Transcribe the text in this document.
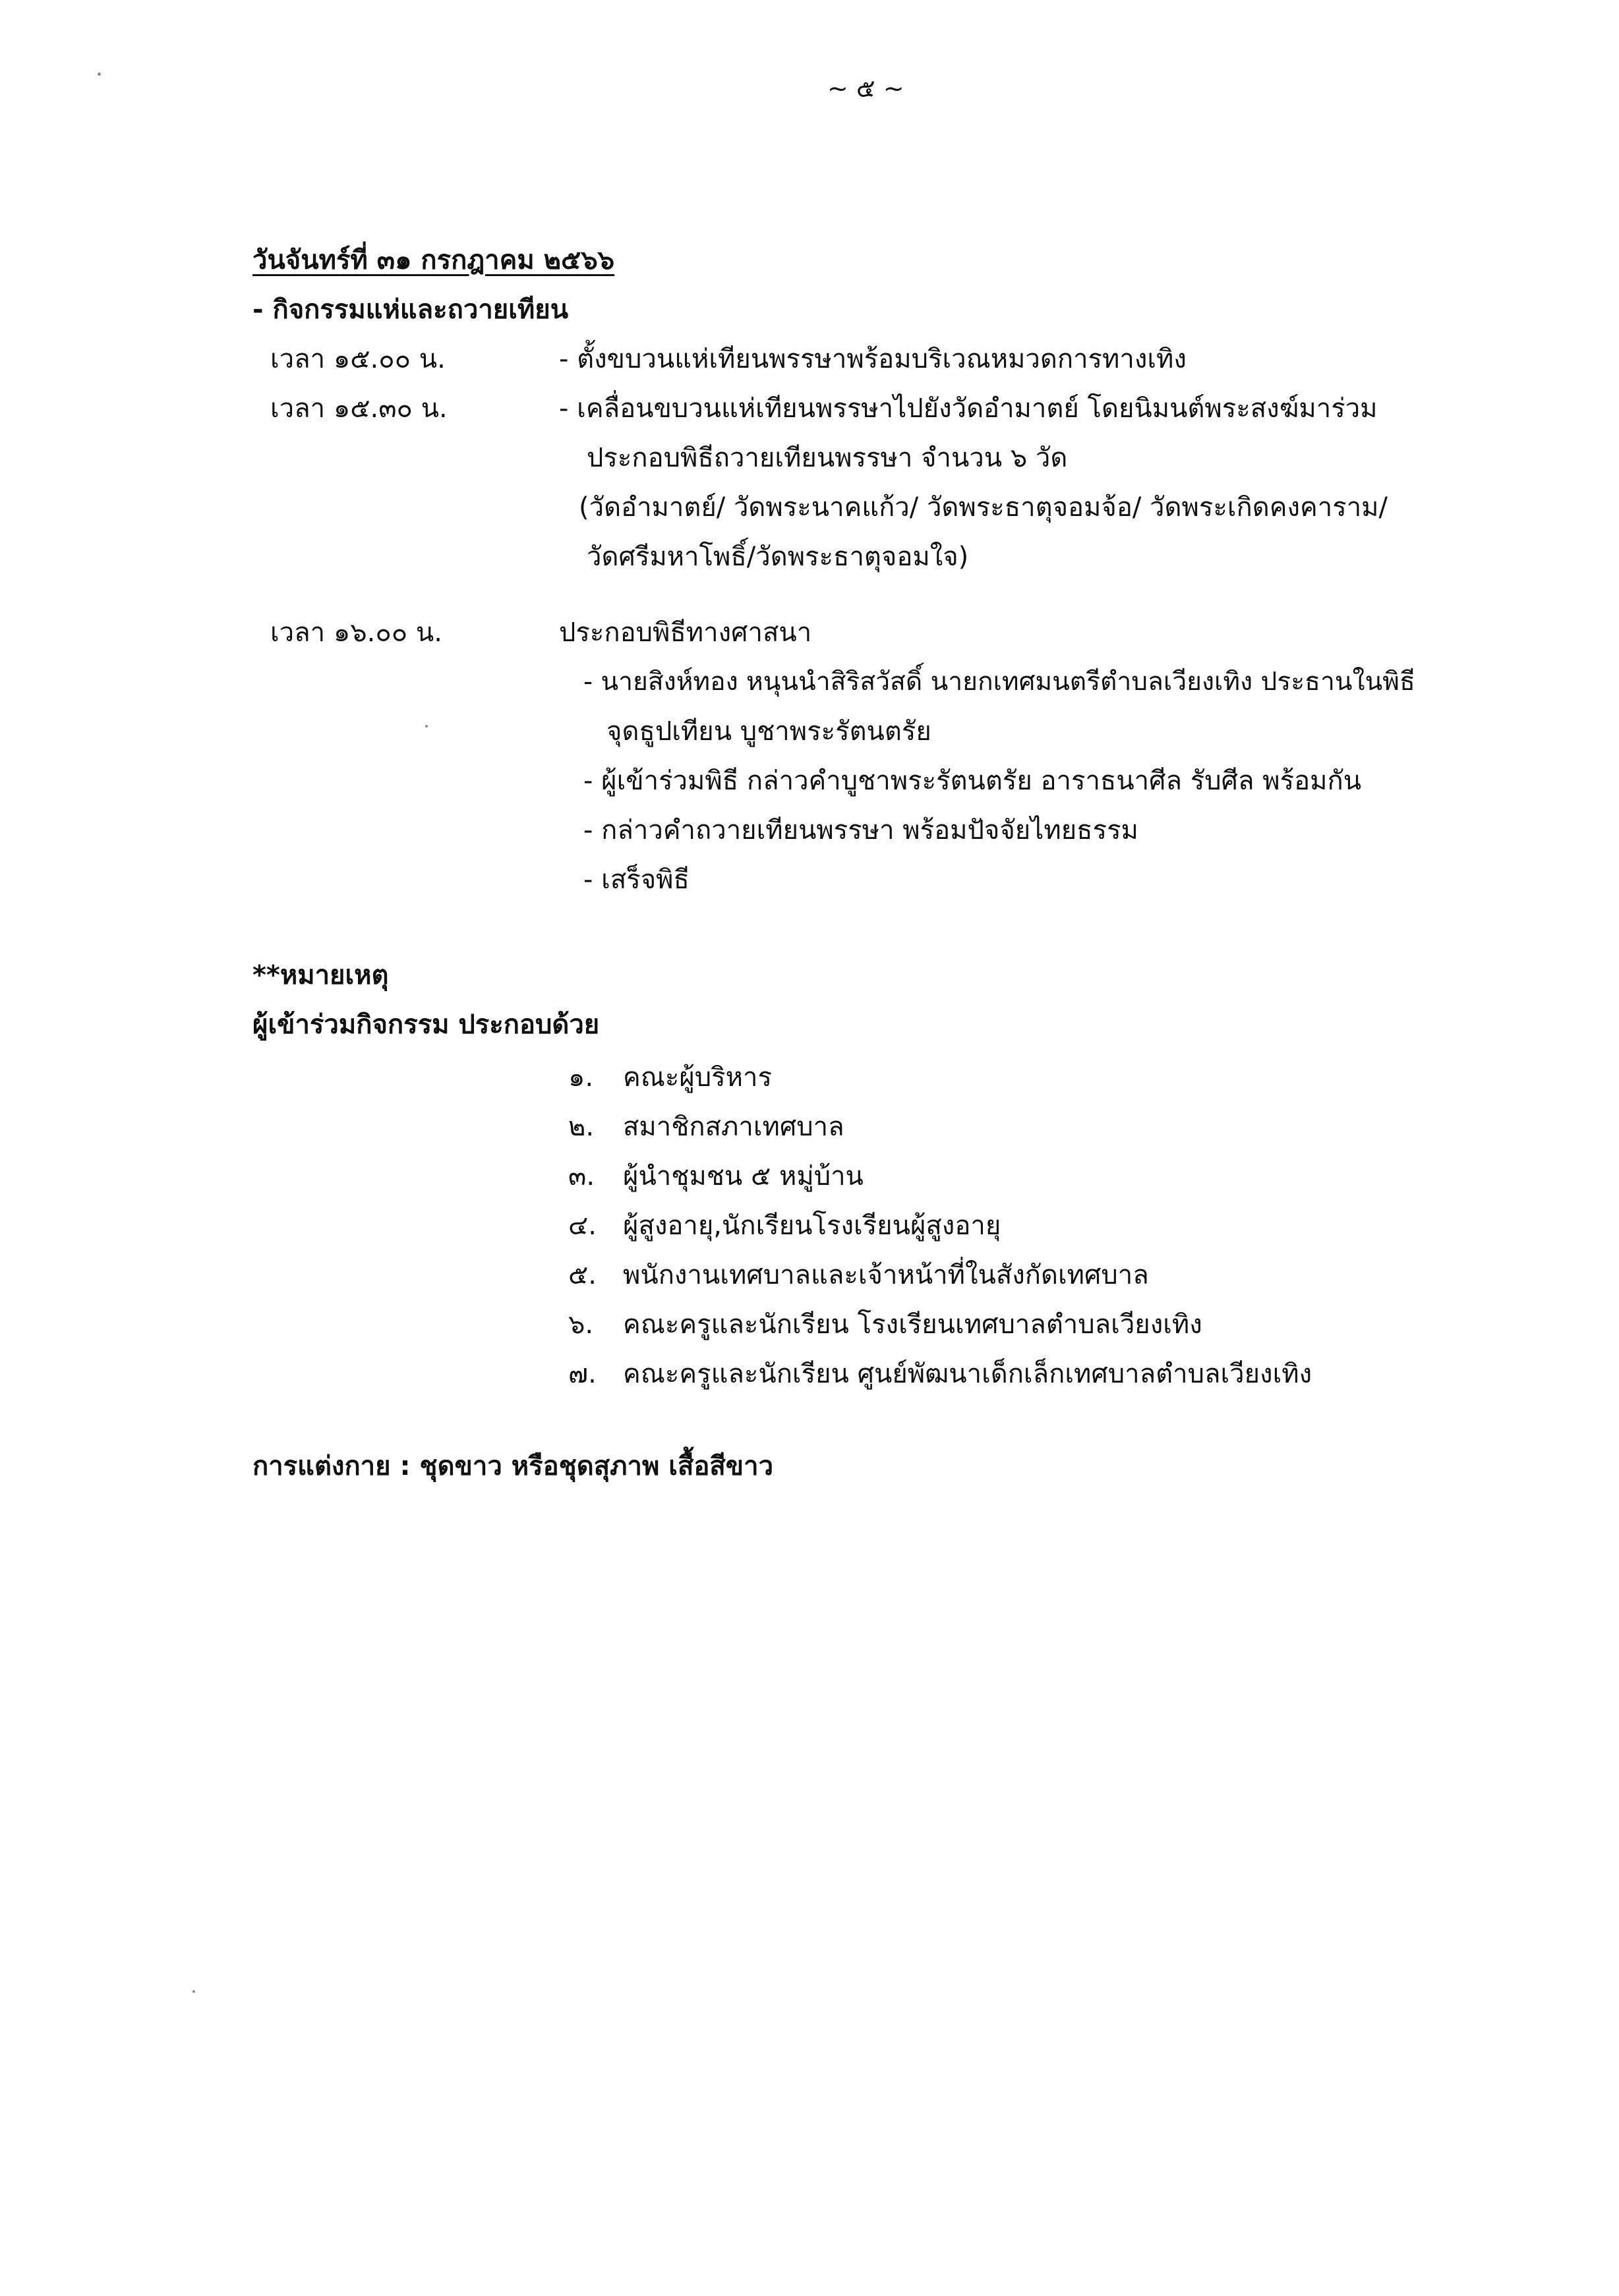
~ ๕ ~
วันจันทร์ที่ ๓๑ กรกฎาคม ๒๕๖๖
- กิจกรรมแห่และถวายเทียน
เวลา ๑๕.๐๐ น.	- ตั้งขบวนแห่เทียนพรรษาพร้อมบริเวณหมวดการทางเทิง
เวลา ๑๕.๓๐ น.	- เคลื่อนขบวนแห่เทียนพรรษาไปยังวัดอำมาตย์ โดยนิมนต์พระสงฆ์มาร่วม
ประกอบพิธีถวายเทียนพรรษา จำนวน ๖ วัด
(วัดอำมาตย์/ วัดพระนาคแก้ว/ วัดพระธาตุจอมจ้อ/ วัดพระเกิดคงคาราม/
วัดศรีมหาโพธิ์/วัดพระธาตุจอมใจ)
เวลา ๑๖.๐๐ น.	ประกอบพิธีทางศาสนา
- นายสิงห์ทอง หนุนนำสิริสวัสดิ์ นายกเทศมนตรีตำบลเวียงเทิง ประธานในพิธี
จุดธูปเทียน บูชาพระรัตนตรัย
- ผู้เข้าร่วมพิธี กล่าวคำบูชาพระรัตนตรัย อาราธนาศีล รับศีล พร้อมกัน
- กล่าวคำถวายเทียนพรรษา พร้อมปัจจัยไทยธรรม
- เสร็จพิธี
**หมายเหตุ
ผู้เข้าร่วมกิจกรรม ประกอบด้วย
๑. คณะผู้บริหาร
๒. สมาชิกสภาเทศบาล
๓. ผู้นำชุมชน ๕ หมู่บ้าน
๔. ผู้สูงอายุ,นักเรียนโรงเรียนผู้สูงอายุ
๕. พนักงานเทศบาลและเจ้าหน้าที่ในสังกัดเทศบาล
๖. คณะครูและนักเรียน โรงเรียนเทศบาลตำบลเวียงเทิง
๗. คณะครูและนักเรียน ศูนย์พัฒนาเด็กเล็กเทศบาลตำบลเวียงเทิง
การแต่งกาย : ชุดขาว หรือชุดสุภาพ เสื้อสีขาว
